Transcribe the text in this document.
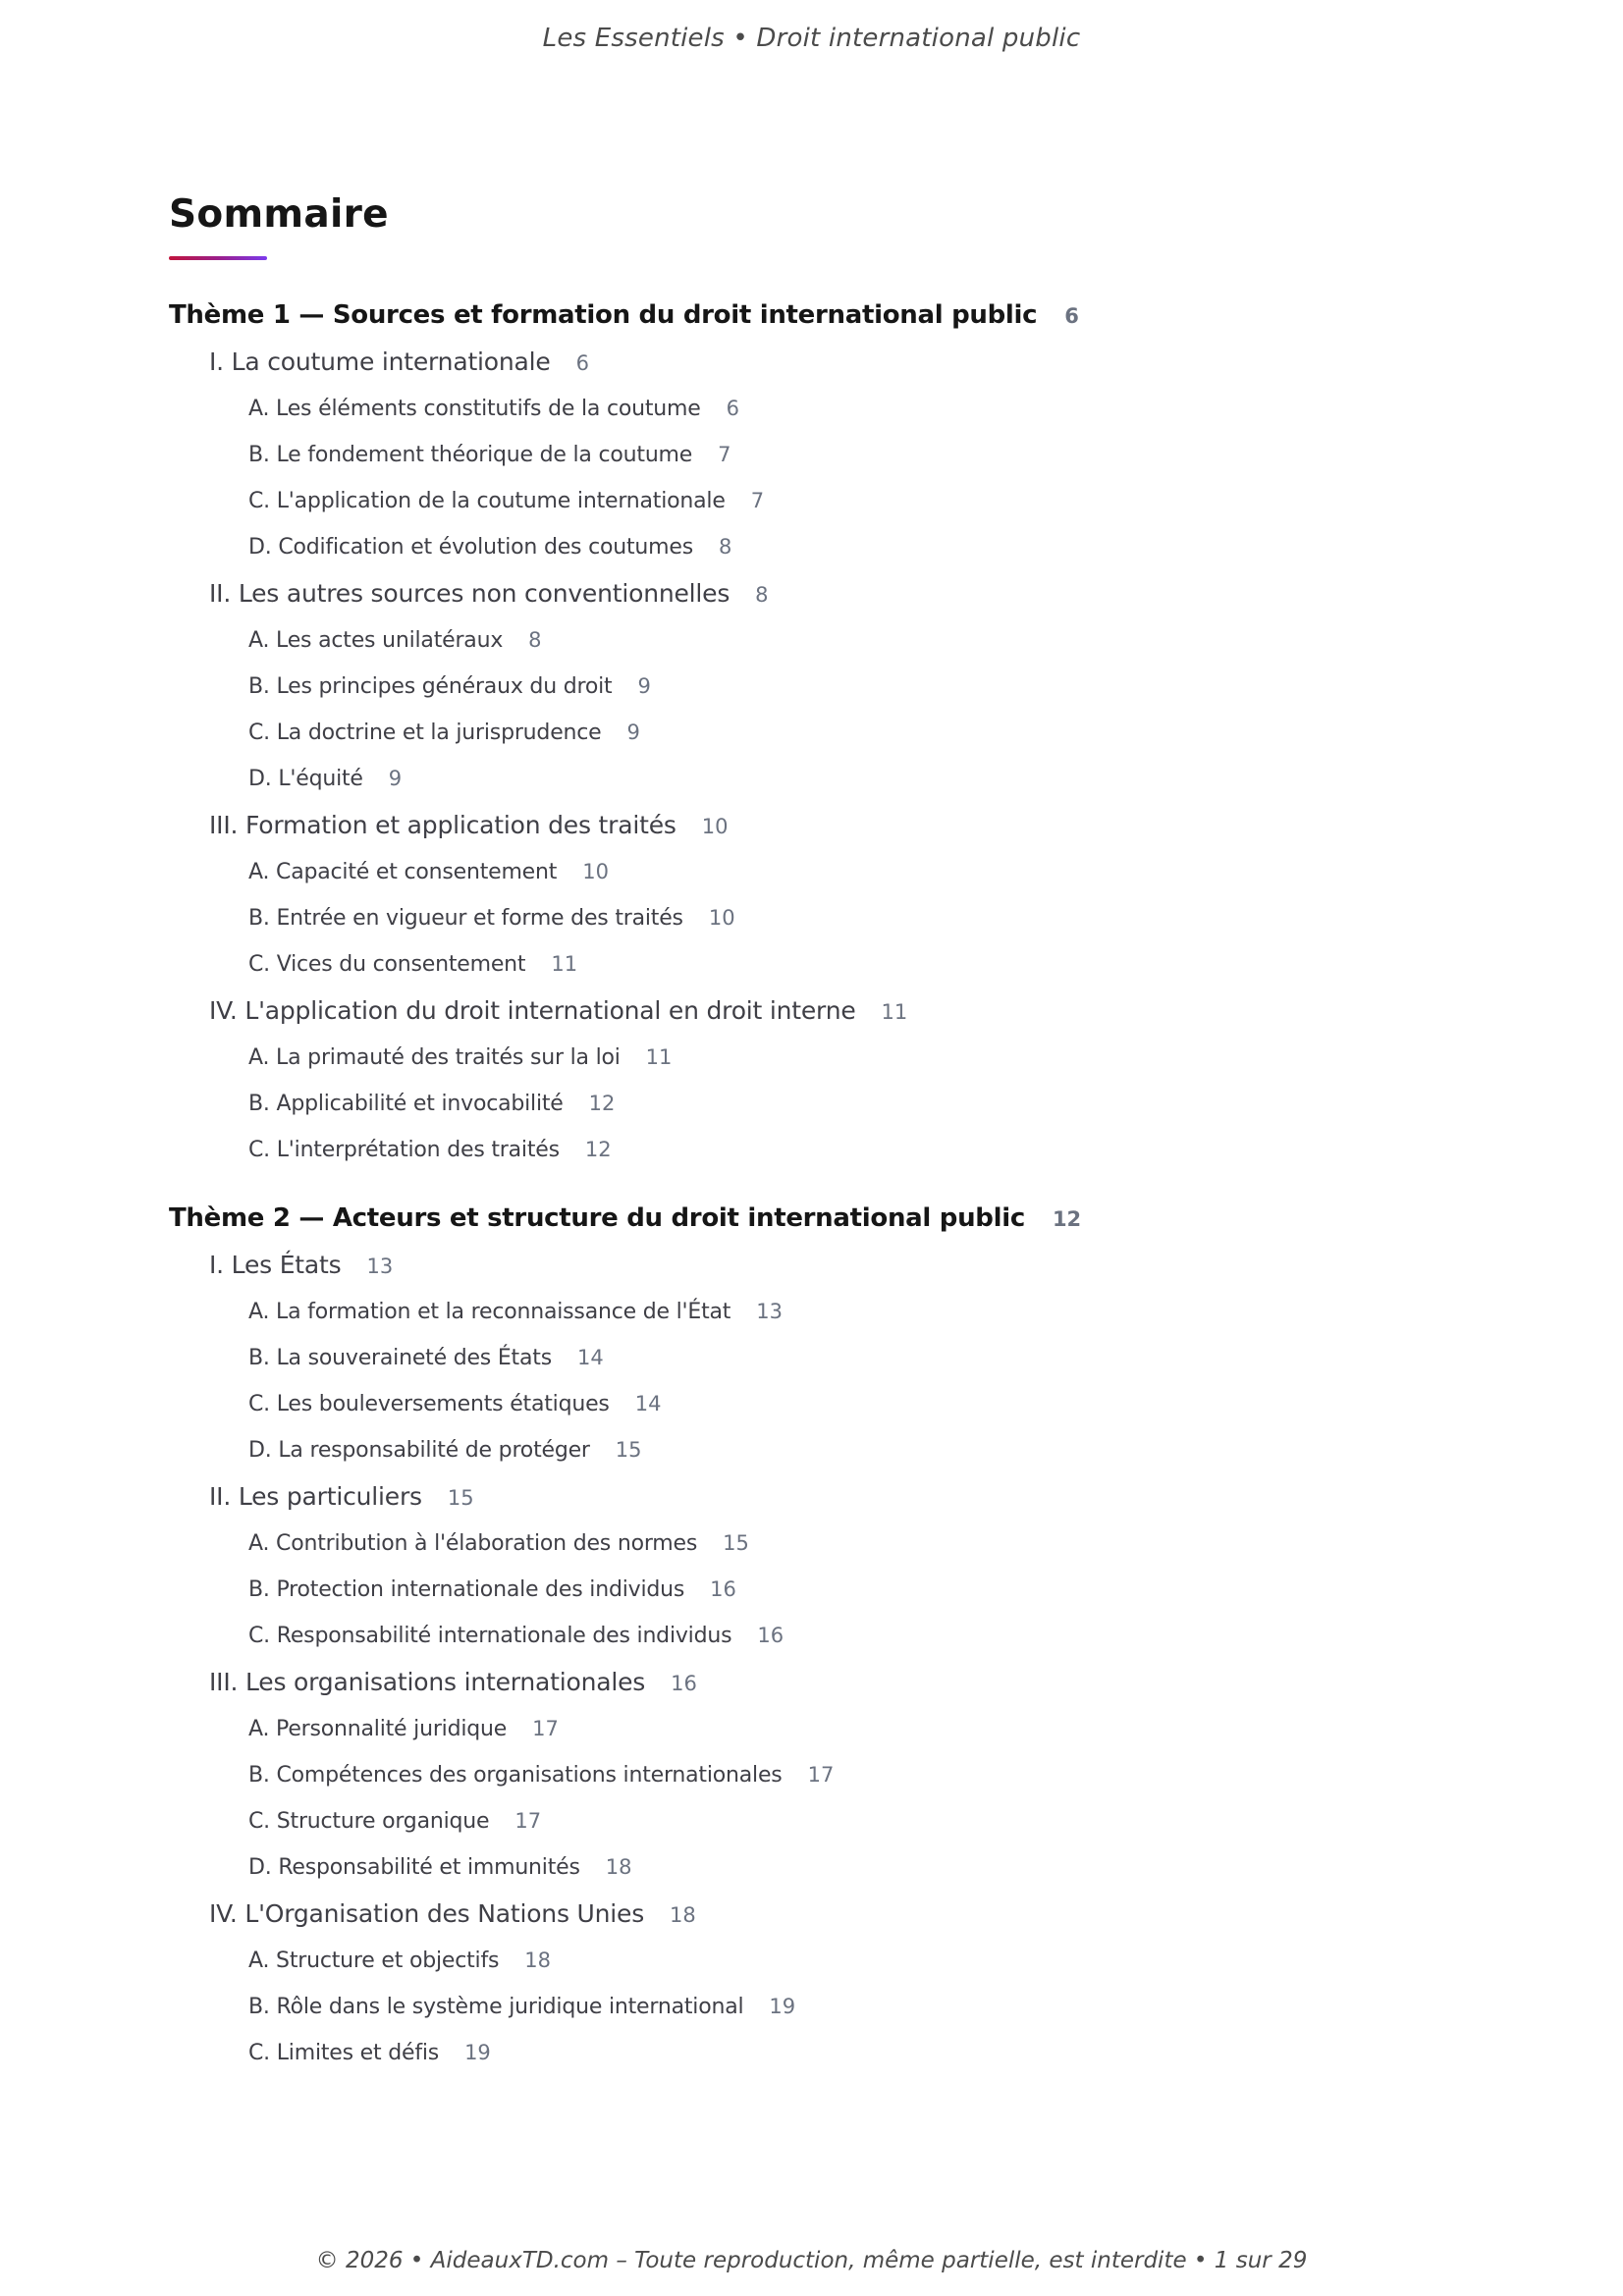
Les Essentiels • Droit international public
Sommaire
Thème 1 — Sources et formation du droit international public 6
I. La coutume internationale 6
A. Les éléments constitutifs de la coutume 6
B. Le fondement théorique de la coutume 7
C. L'application de la coutume internationale 7
D. Codification et évolution des coutumes 8
II. Les autres sources non conventionnelles 8
A. Les actes unilatéraux 8
B. Les principes généraux du droit 9
C. La doctrine et la jurisprudence 9
D. L'équité 9
III. Formation et application des traités 10
A. Capacité et consentement 10
B. Entrée en vigueur et forme des traités 10
C. Vices du consentement 11
IV. L'application du droit international en droit interne 11
A. La primauté des traités sur la loi 11
B. Applicabilité et invocabilité 12
C. L'interprétation des traités 12
Thème 2 — Acteurs et structure du droit international public 12
I. Les États 13
A. La formation et la reconnaissance de l'État 13
B. La souveraineté des États 14
C. Les bouleversements étatiques 14
D. La responsabilité de protéger 15
II. Les particuliers 15
A. Contribution à l'élaboration des normes 15
B. Protection internationale des individus 16
C. Responsabilité internationale des individus 16
III. Les organisations internationales 16
A. Personnalité juridique 17
B. Compétences des organisations internationales 17
C. Structure organique 17
D. Responsabilité et immunités 18
IV. L'Organisation des Nations Unies 18
A. Structure et objectifs 18
B. Rôle dans le système juridique international 19
C. Limites et défis 19
© 2026 • AideauxTD.com – Toute reproduction, même partielle, est interdite • 1 sur 29
